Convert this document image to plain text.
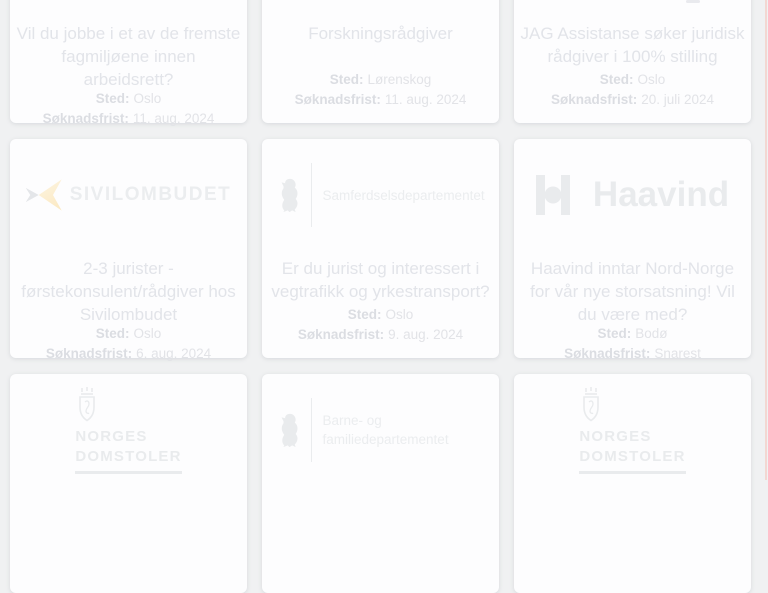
Vil du jobbe i et av de fremste fagmiljøene innen arbeidsrett?

Sted: Oslo

Søknadsfrist: 11. aug. 2024

Forskningsrådgiver

Sted: Lørenskog

Søknadsfrist: 11. aug. 2024

JAG Assistanse søker juridisk rådgiver i 100% stilling

Sted: Oslo

Søknadsfrist: 20. juli 2024

SIVILOMBUDET
2-3 jurister - førstekonsulent/rådgiver hos Sivilombudet

Sted: Oslo

Søknadsfrist: 6. aug. 2024

Samferdselsdepartementet
Er du jurist og interessert i vegtrafikk og yrkestransport?

Sted: Oslo

Søknadsfrist: 9. aug. 2024

Haavind
Haavind inntar Nord-Norge for vår nye storsatsning! Vil du være med?

Sted: Bodø

Søknadsfrist: Snarest

NORGES
DOMSTOLER
Barne- og familiedepartementet	NORGES
DOMSTOLER
